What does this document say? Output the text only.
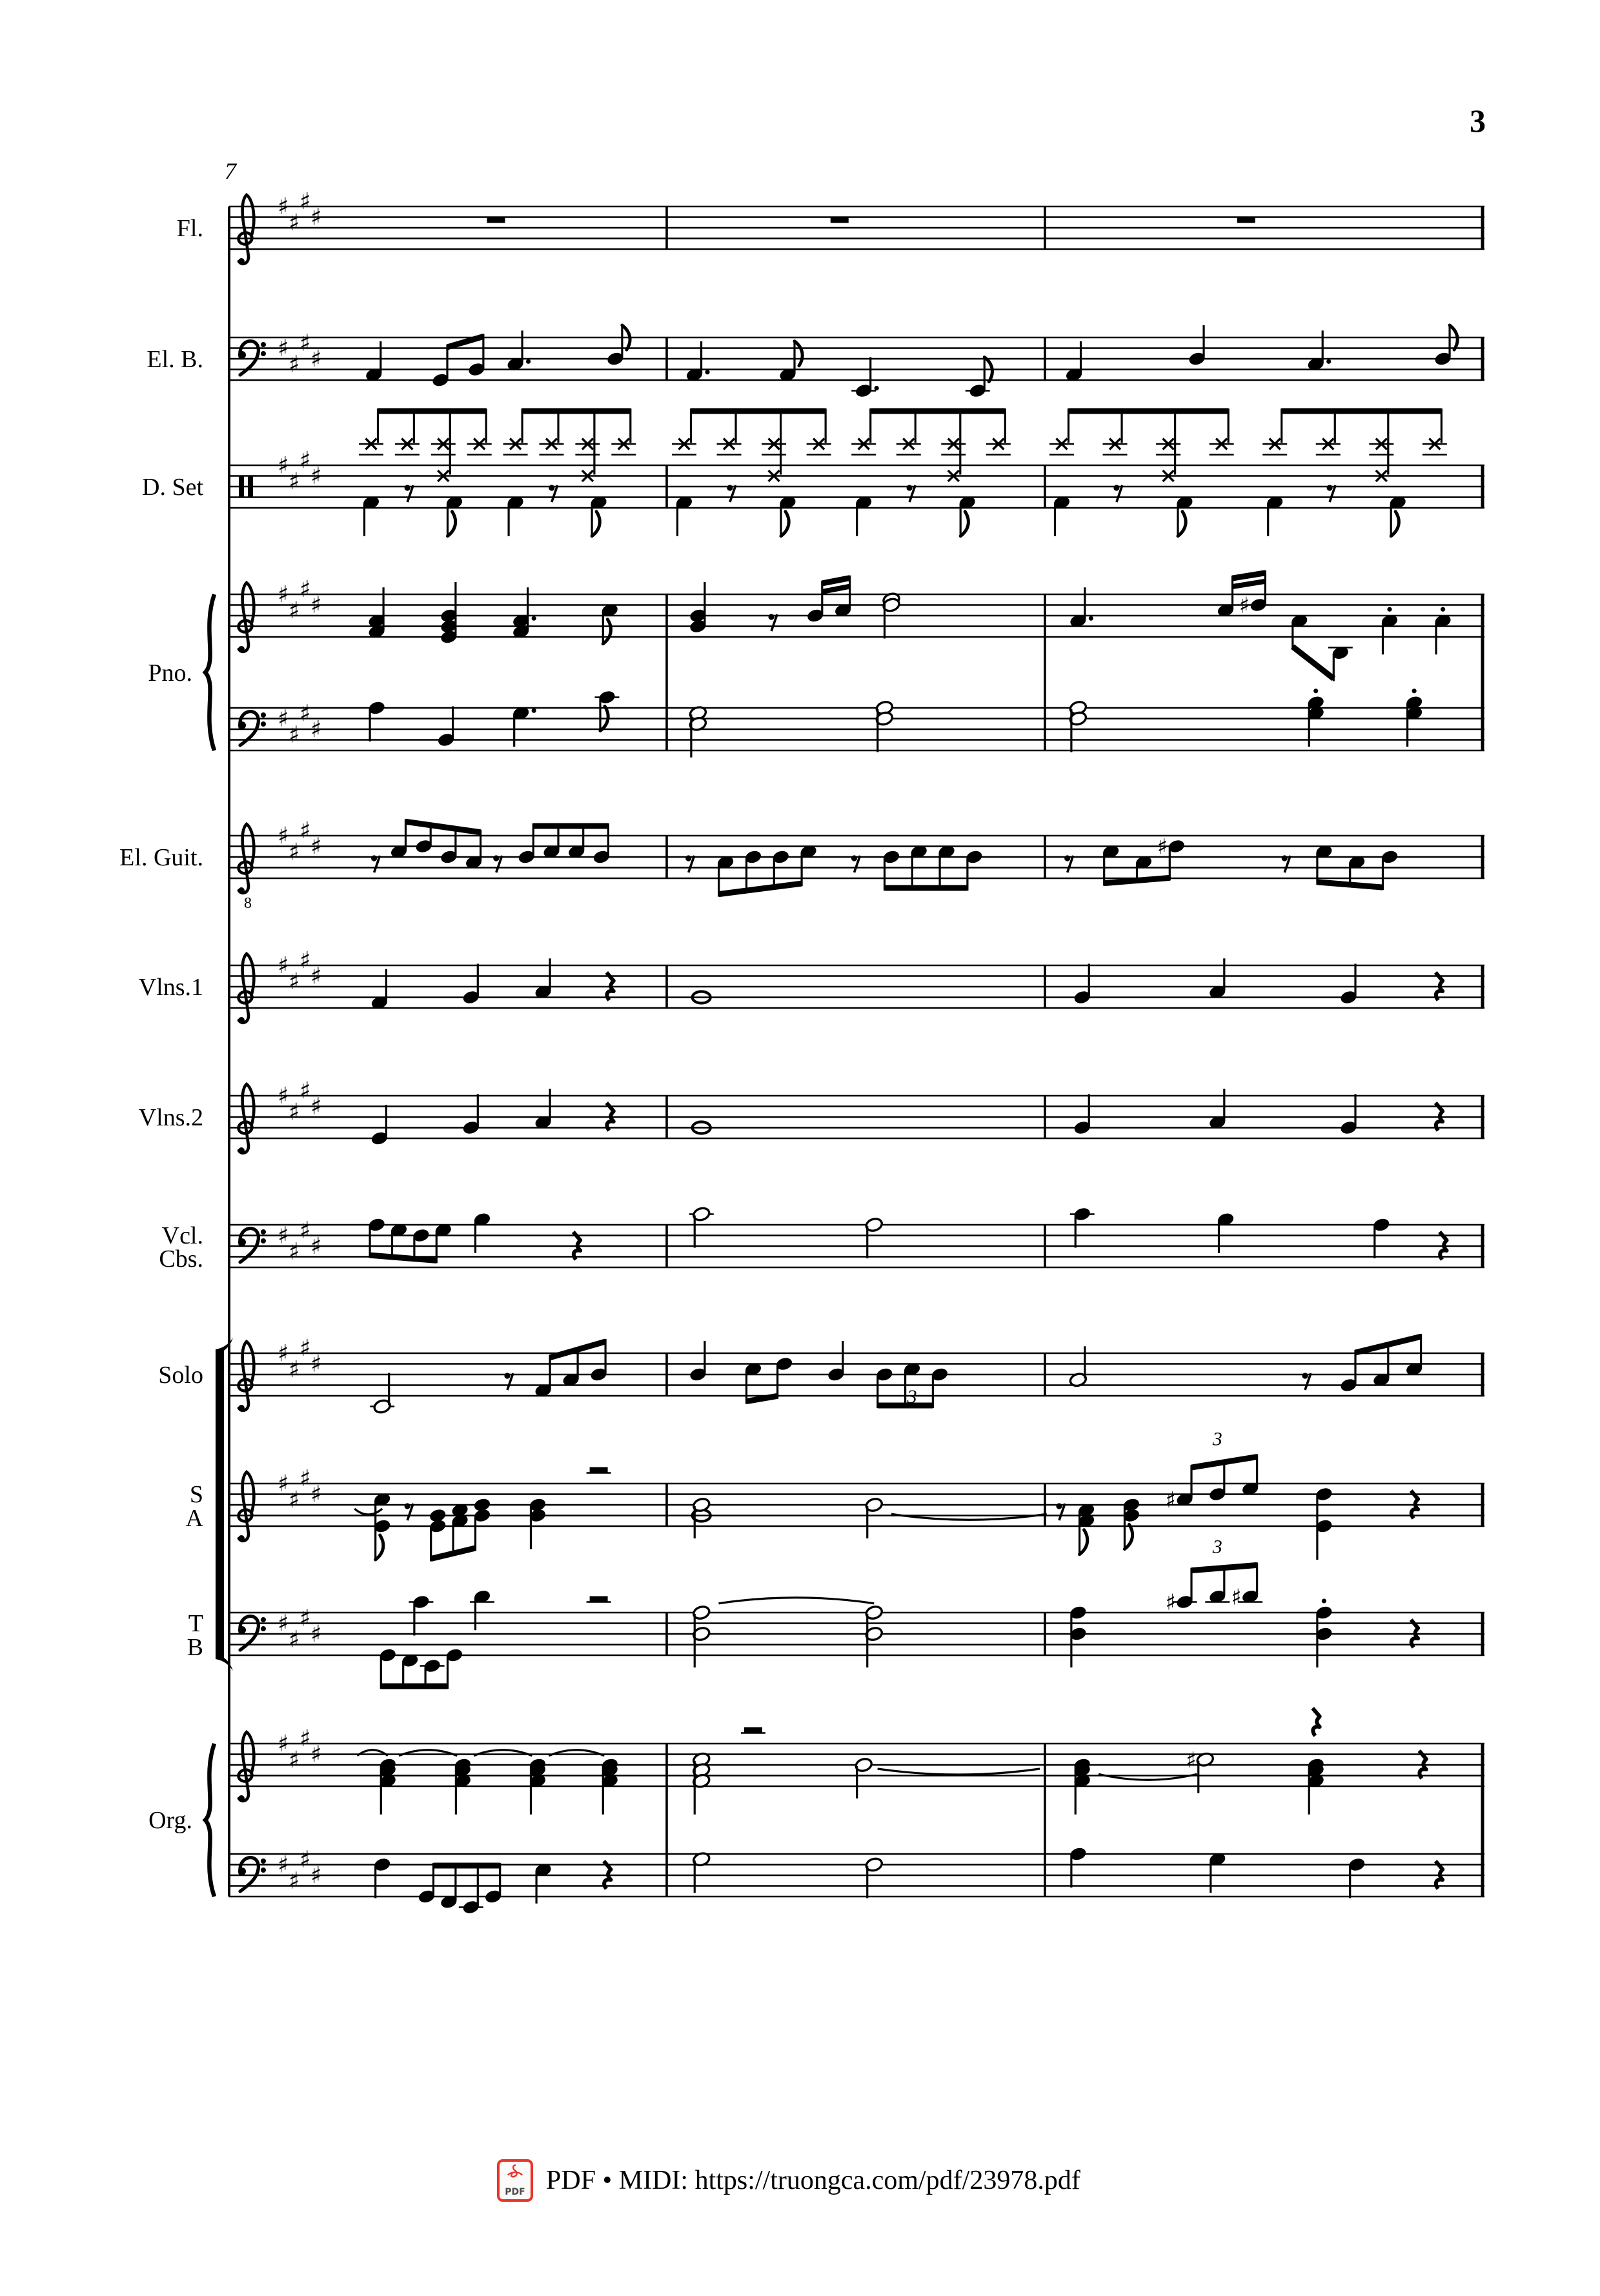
3
7
♯
♯
♯
♯
Fl.
♯
♯
♯
♯
El. B.
♯
♯
♯
♯
D. Set
♯
♯
♯
♯	♯
♯
♯
♯
♯
8
♯
♯
♯
♯
El. Guit.	♯
♯
♯
♯
♯
Vlns.1
♯
♯
♯
♯
Vlns.2
♯
♯
♯
♯
Vcl.
Cbs.
♯
♯
♯
♯
Solo
3
♯
♯
♯
♯
S
A
♯
3
♯
♯
♯
♯
T
B
♯	♯
3
♯
♯
♯
♯	♯
♯
♯
♯
♯
Pno.
Org.
PDF PDF • MIDI: https://truongca.com/pdf/23978.pdf
